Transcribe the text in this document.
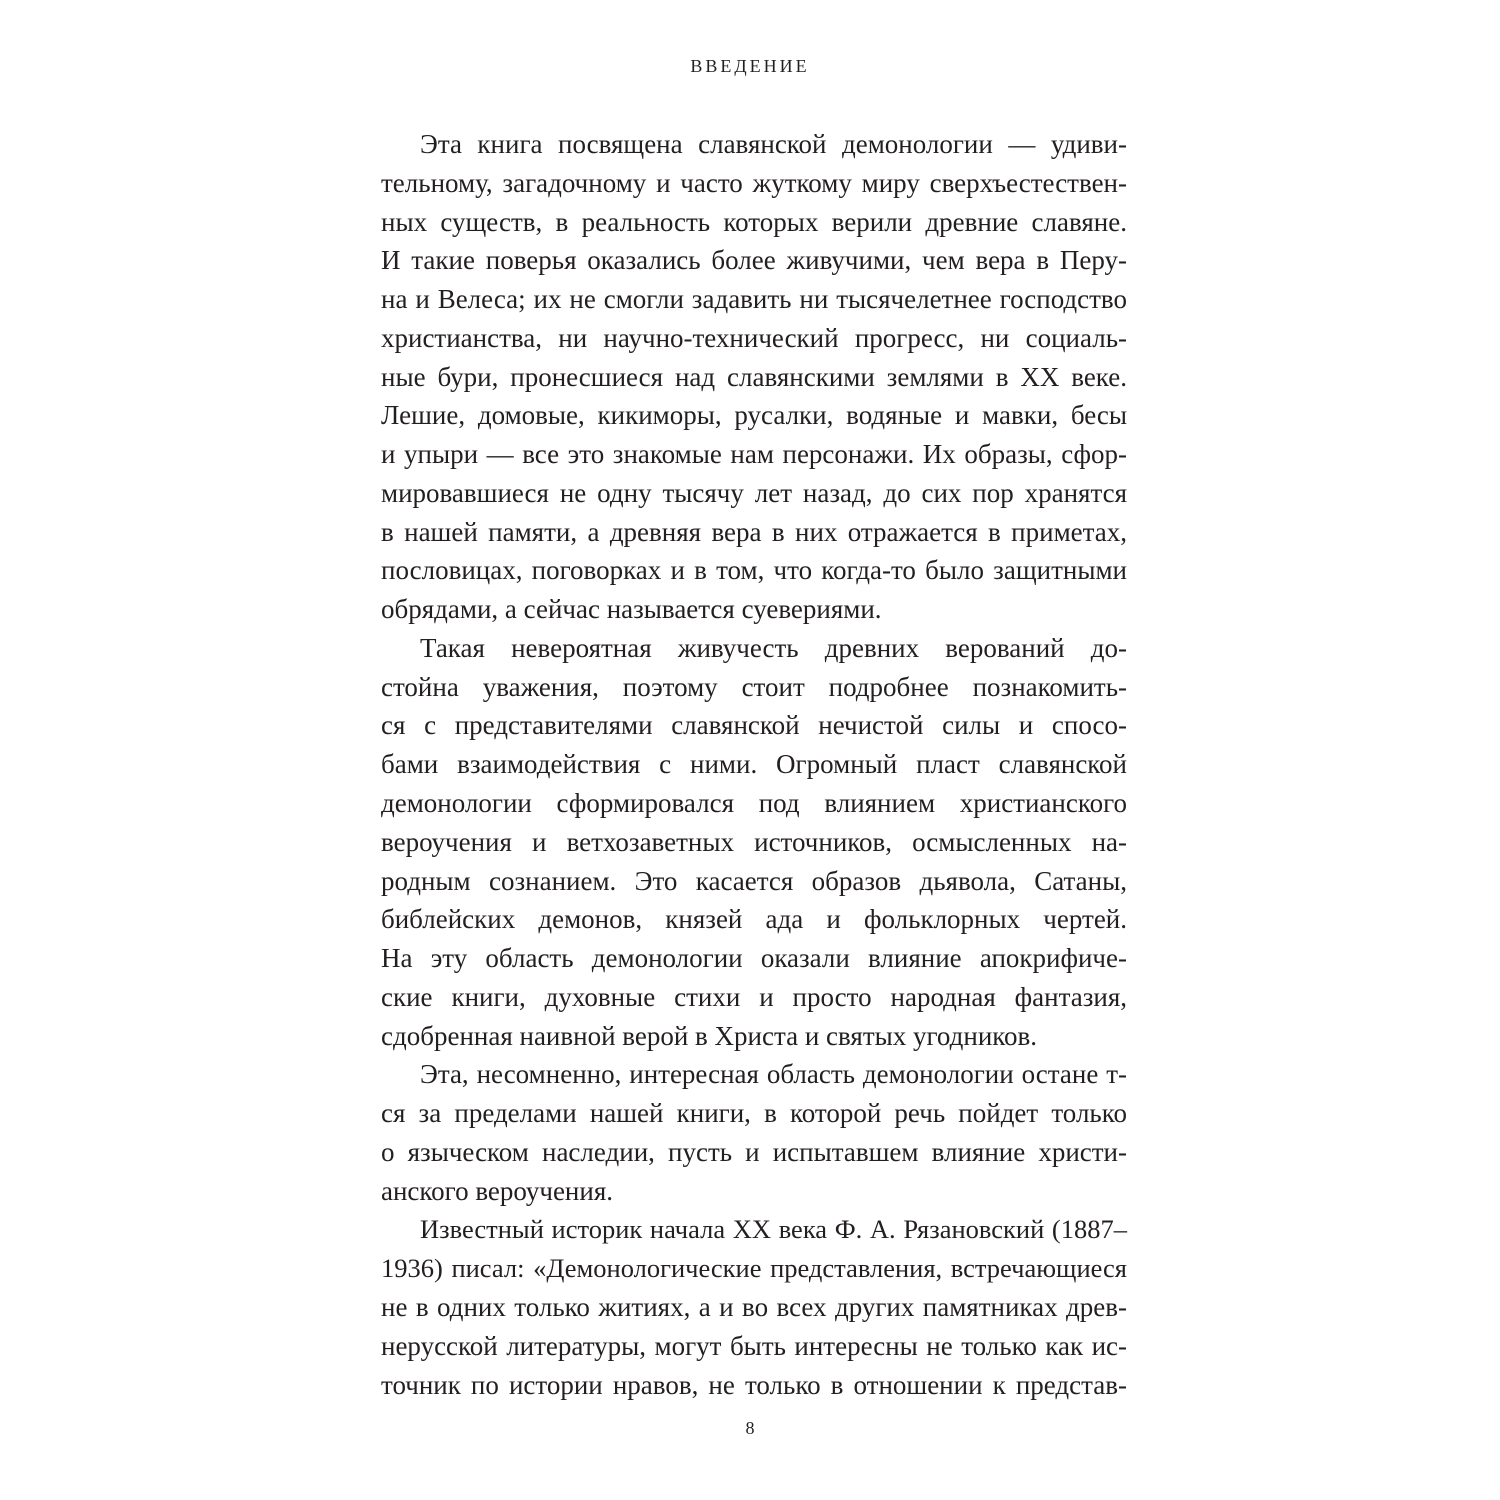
ВВЕДЕНИЕ
Эта книга посвящена славянской демонологии — удиви-
тельному, загадочному и часто жуткому миру сверхъестествен-
ных существ, в реальность которых верили древние славяне.
И такие поверья оказались более живучими, чем вера в Перу-
на и Велеса; их не смогли задавить ни тысячелетнее господство
христианства, ни научно-технический прогресс, ни социаль-
ные бури, пронесшиеся над славянскими землями в XX веке.
Лешие, домовые, кикиморы, русалки, водяные и мавки, бесы
и упыри — все это знакомые нам персонажи. Их образы, сфор-
мировавшиеся не одну тысячу лет назад, до сих пор хранятся
в нашей памяти, а древняя вера в них отражается в приметах,
пословицах, поговорках и в том, что когда-то было защитными
обрядами, а сейчас называется суевериями.
Такая невероятная живучесть древних верований до-
стойна уважения, поэтому стоит подробнее познакомить-
ся с представителями славянской нечистой силы и спосо-
бами взаимодействия с ними. Огромный пласт славянской
демонологии сформировался под влиянием христианского
вероучения и ветхозаветных источников, осмысленных на-
родным сознанием. Это касается образов дьявола, Сатаны,
библейских демонов, князей ада и фольклорных чертей.
На эту область демонологии оказали влияние апокрифиче-
ские книги, духовные стихи и просто народная фантазия,
сдобренная наивной верой в Христа и святых угодников.
Эта, несомненно, интересная область демонологии остане т-
ся за пределами нашей книги, в которой речь пойдет только
о языческом наследии, пусть и испытавшем влияние христи-
анского вероучения.
Известный историк начала XX века Ф. А. Рязановский (1887–
1936) писал: «Демонологические представления, встречающиеся
не в одних только житиях, а и во всех других памятниках древ-
нерусской литературы, могут быть интересны не только как ис-
точник по истории нравов, не только в отношении к представ-
8
